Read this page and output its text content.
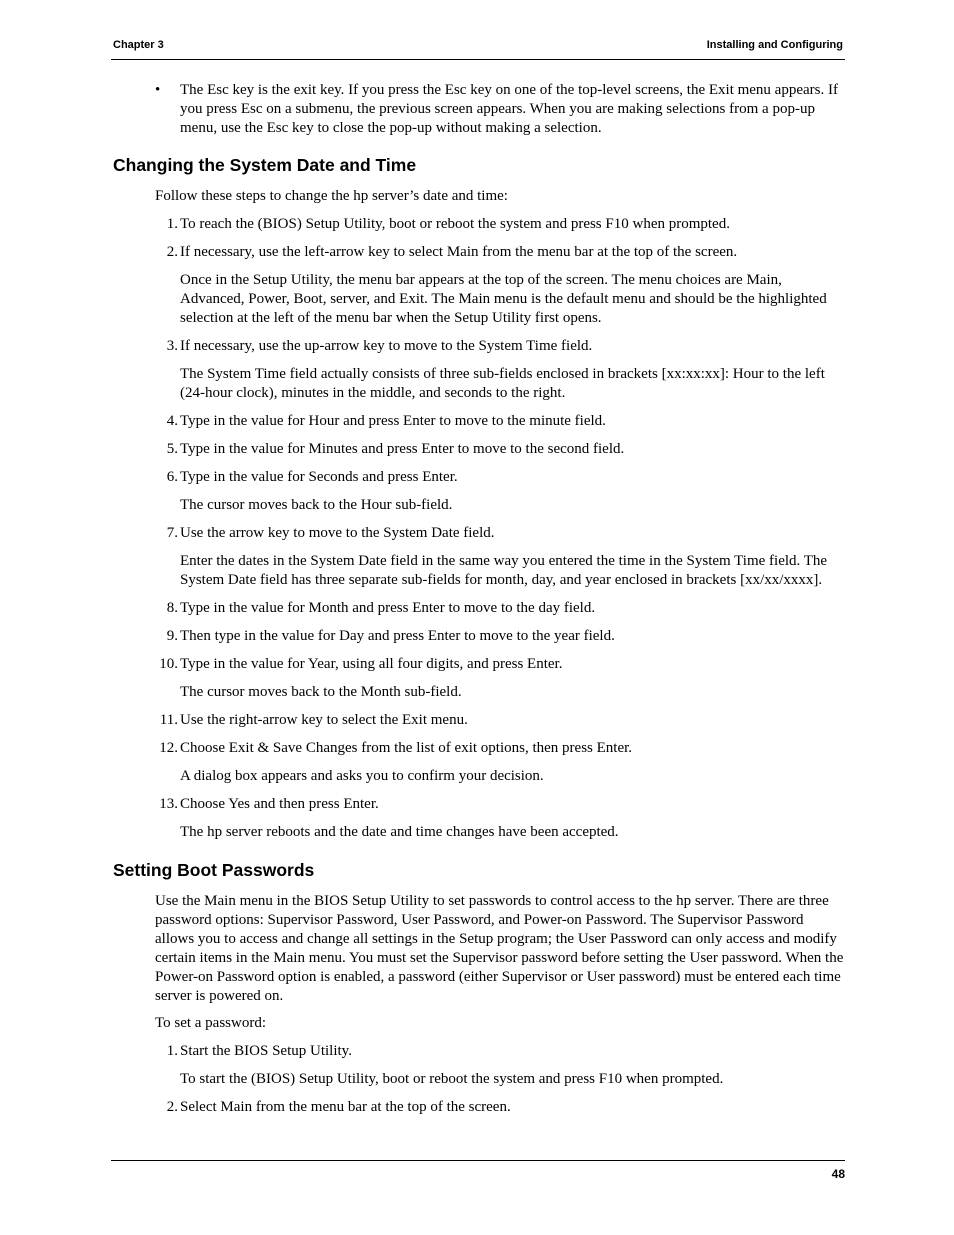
Chapter 3	Installing and Configuring
• The Esc key is the exit key. If you press the Esc key on one of the top-level screens, the Exit menu appears. If you press Esc on a submenu, the previous screen appears. When you are making selections from a pop-up menu, use the Esc key to close the pop-up without making a selection.
Changing the System Date and Time

Follow these steps to change the hp server’s date and time:

1. To reach the (BIOS) Setup Utility, boot or reboot the system and press F10 when prompted.
2. If necessary, use the left-arrow key to select Main from the menu bar at the top of the screen.

Once in the Setup Utility, the menu bar appears at the top of the screen. The menu choices are Main, Advanced, Power, Boot, server, and Exit. The Main menu is the default menu and should be the highlighted selection at the left of the menu bar when the Setup Utility first opens.

3. If necessary, use the up-arrow key to move to the System Time field.

The System Time field actually consists of three sub-fields enclosed in brackets [xx:xx:xx]: Hour to the left (24-hour clock), minutes in the middle, and seconds to the right.

4. Type in the value for Hour and press Enter to move to the minute field.
5. Type in the value for Minutes and press Enter to move to the second field.
6. Type in the value for Seconds and press Enter.

The cursor moves back to the Hour sub-field.

7. Use the arrow key to move to the System Date field.

Enter the dates in the System Date field in the same way you entered the time in the System Time field. The System Date field has three separate sub-fields for month, day, and year enclosed in brackets [xx/xx/xxxx].

8. Type in the value for Month and press Enter to move to the day field.
9. Then type in the value for Day and press Enter to move to the year field.
10. Type in the value for Year, using all four digits, and press Enter.

The cursor moves back to the Month sub-field.

11. Use the right-arrow key to select the Exit menu.
12. Choose Exit & Save Changes from the list of exit options, then press Enter.

A dialog box appears and asks you to confirm your decision.

13. Choose Yes and then press Enter.

The hp server reboots and the date and time changes have been accepted.

Setting Boot Passwords

Use the Main menu in the BIOS Setup Utility to set passwords to control access to the hp server. There are three password options: Supervisor Password, User Password, and Power-on Password. The Supervisor Password allows you to access and change all settings in the Setup program; the User Password can only access and modify certain items in the Main menu. You must set the Supervisor password before setting the User password. When the Power-on Password option is enabled, a password (either Supervisor or User password) must be entered each time server is powered on.

To set a password:

1. Start the BIOS Setup Utility.

To start the (BIOS) Setup Utility, boot or reboot the system and press F10 when prompted.

2. Select Main from the menu bar at the top of the screen.
48
